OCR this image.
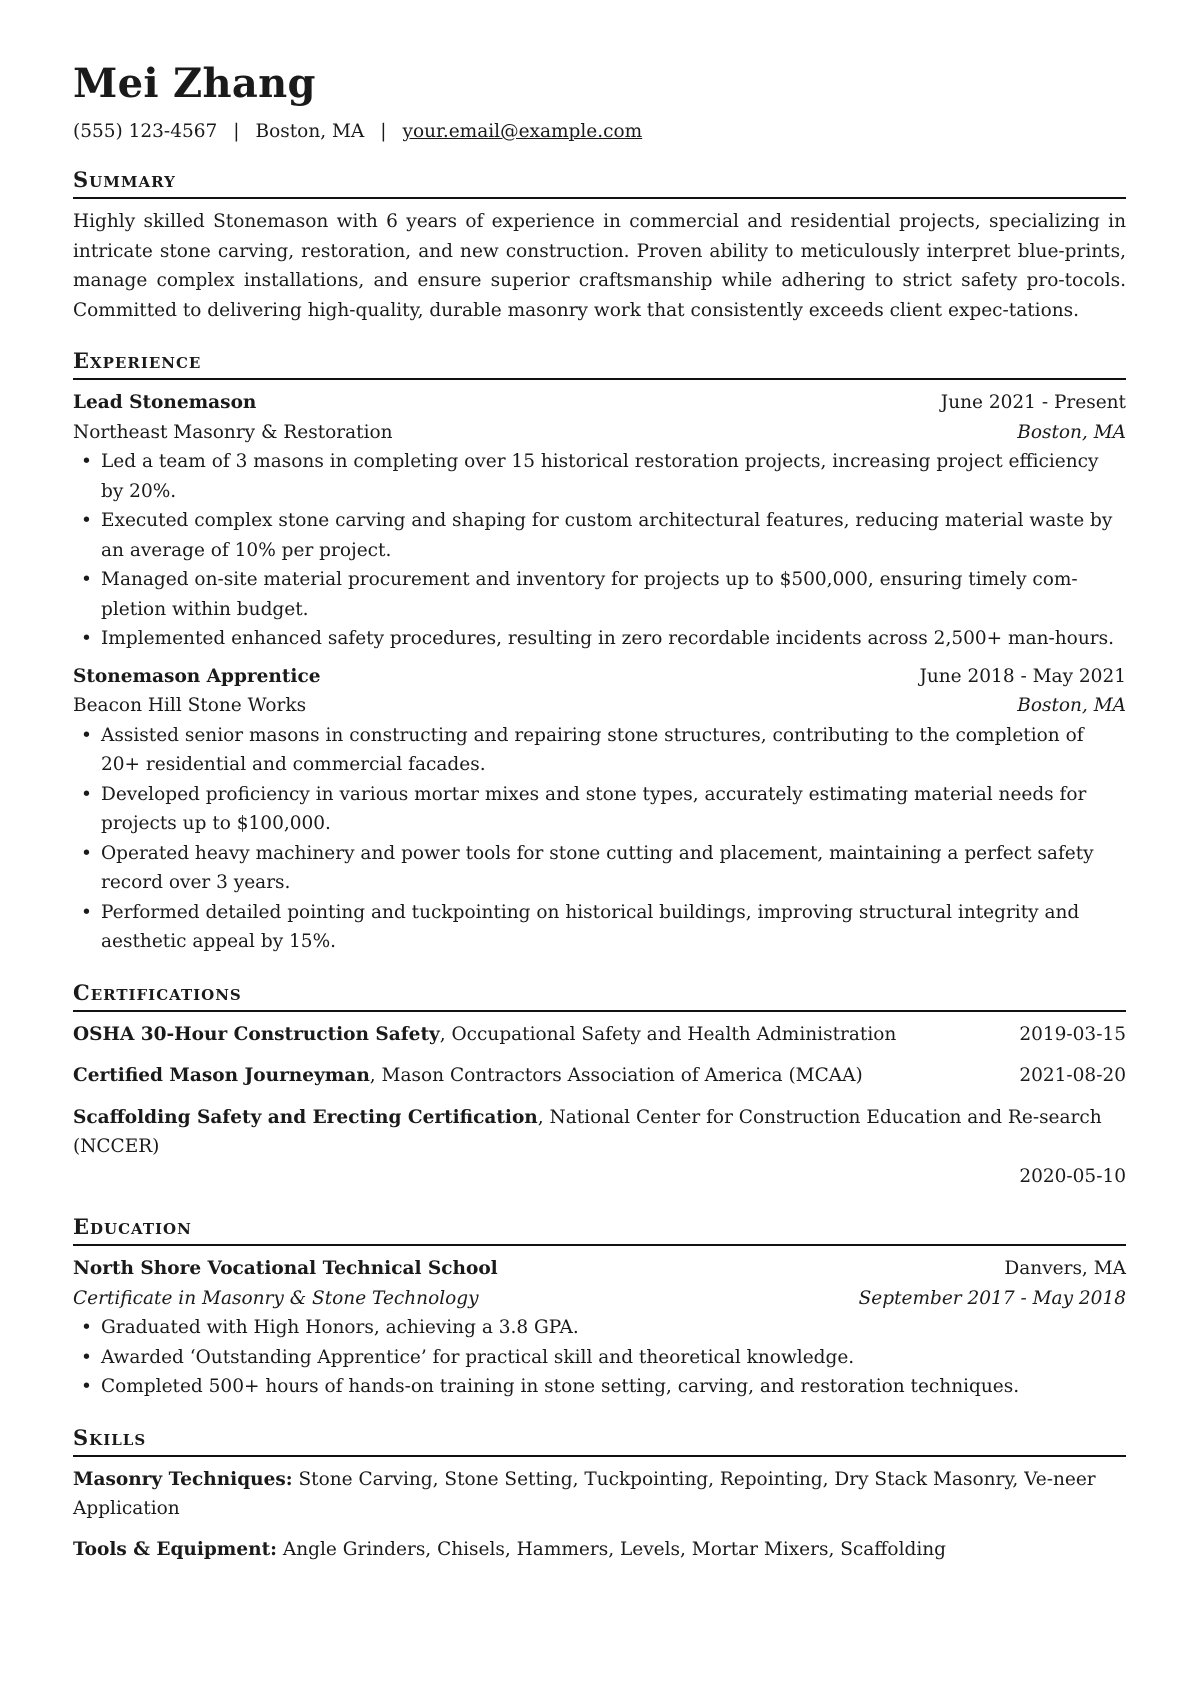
Mei Zhang
(555) 123-4567 | Boston, MA | your.email@example.com
Summary

Highly skilled Stonemason with 6 years of experience in commercial and residential projects, specializing in intricate stone carving, restoration, and new construction. Proven ability to meticulously interpret blue-prints, manage complex installations, and ensure superior craftsmanship while adhering to strict safety pro-tocols. Committed to delivering high-quality, durable masonry work that consistently exceeds client expec-tations.

Experience
Lead Stonemason	June 2021 - Present
Northeast Masonry & Restoration	Boston, MA
• Led a team of 3 masons in completing over 15 historical restoration projects, increasing project efficiency by 20%.
• Executed complex stone carving and shaping for custom architectural features, reducing material waste by an average of 10% per project.
• Managed on-site material procurement and inventory for projects up to $500,000, ensuring timely com-pletion within budget.
• Implemented enhanced safety procedures, resulting in zero recordable incidents across 2,500+ man-hours.
Stonemason Apprentice	June 2018 - May 2021
Beacon Hill Stone Works	Boston, MA
• Assisted senior masons in constructing and repairing stone structures, contributing to the completion of 20+ residential and commercial facades.
• Developed proficiency in various mortar mixes and stone types, accurately estimating material needs for projects up to $100,000.
• Operated heavy machinery and power tools for stone cutting and placement, maintaining a perfect safety record over 3 years.
• Performed detailed pointing and tuckpointing on historical buildings, improving structural integrity and aesthetic appeal by 15%.
Certifications
OSHA 30-Hour Construction Safety, Occupational Safety and Health Administration	2019-03-15
Certified Mason Journeyman, Mason Contractors Association of America (MCAA)	2021-08-20
Scaffolding Safety and Erecting Certification, National Center for Construction Education and Re-search (NCCER)
2020-05-10
Education
North Shore Vocational Technical School	Danvers, MA
Certificate in Masonry & Stone Technology	September 2017 - May 2018
• Graduated with High Honors, achieving a 3.8 GPA.
• Awarded ‘Outstanding Apprentice’ for practical skill and theoretical knowledge.
• Completed 500+ hours of hands-on training in stone setting, carving, and restoration techniques.
Skills
Masonry Techniques: Stone Carving, Stone Setting, Tuckpointing, Repointing, Dry Stack Masonry, Ve-neer Application
Tools & Equipment: Angle Grinders, Chisels, Hammers, Levels, Mortar Mixers, Scaffolding
